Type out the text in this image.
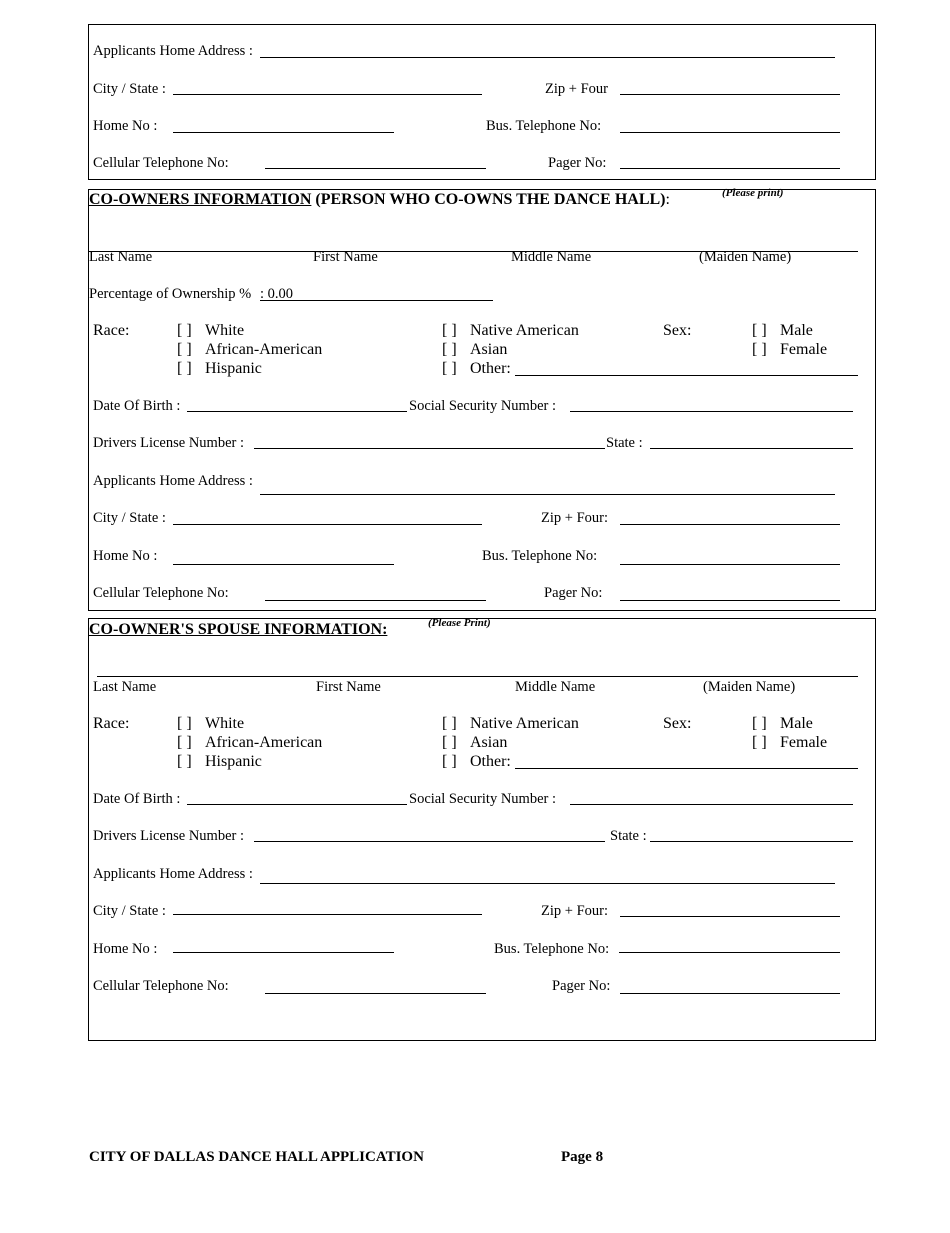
Applicants Home Address :
City / State :	Zip + Four
Home No :	Bus. Telephone No:
Cellular Telephone No:	Pager No:
CO-OWNERS INFORMATION (PERSON WHO CO-OWNS THE DANCE HALL):	(Please print)
Last Name	First Name	Middle Name	(Maiden Name)
Percentage of Ownership % : 0.00
Race:	[ ] White
[ ] African-American
[ ] Hispanic
[ ] Native American
[ ] Asian
[ ] Other:
Sex:	[ ] Male
[ ] Female
Date Of Birth :	Social Security Number :
Drivers License Number :	State :
Applicants Home Address :
City / State :	Zip + Four:
Home No :	Bus. Telephone No:
Cellular Telephone No:	Pager No:
CO-OWNER'S SPOUSE INFORMATION:	(Please Print)
Last Name	First Name	Middle Name	(Maiden Name)
Race:	[ ] White
[ ] African-American
[ ] Hispanic
[ ] Native American
[ ] Asian
[ ] Other:
Sex:	[ ] Male
[ ] Female
Date Of Birth :	Social Security Number :
Drivers License Number :	State :
Applicants Home Address :
City / State :	Zip + Four:
Home No :	Bus. Telephone No:
Cellular Telephone No:	Pager No:
CITY OF DALLAS DANCE HALL APPLICATION	Page 8
